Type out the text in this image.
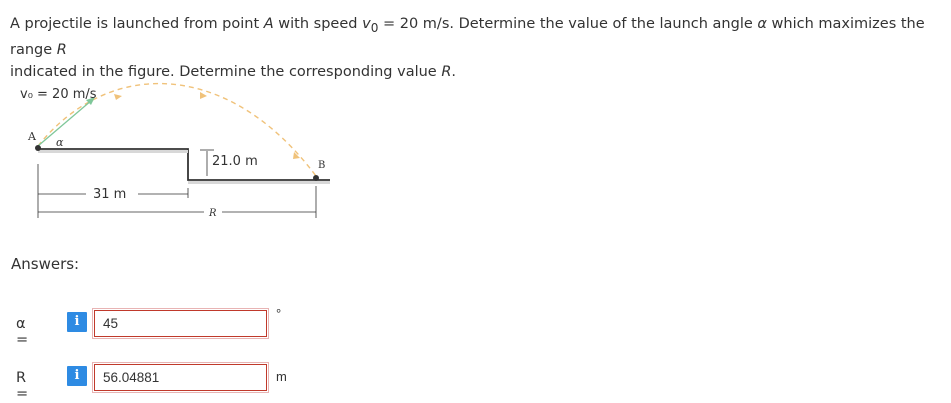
A projectile is launched from point A with speed $v_0 = 20$ m/s. Determine the value of the launch angle α which maximizes the range R
indicated in the figure. Determine the corresponding value R.
v₀ = 20 m/s
A α
21.0 m	B
31 m
R
Answers:
α =
i	45
°
R =
i	56.04881	m
